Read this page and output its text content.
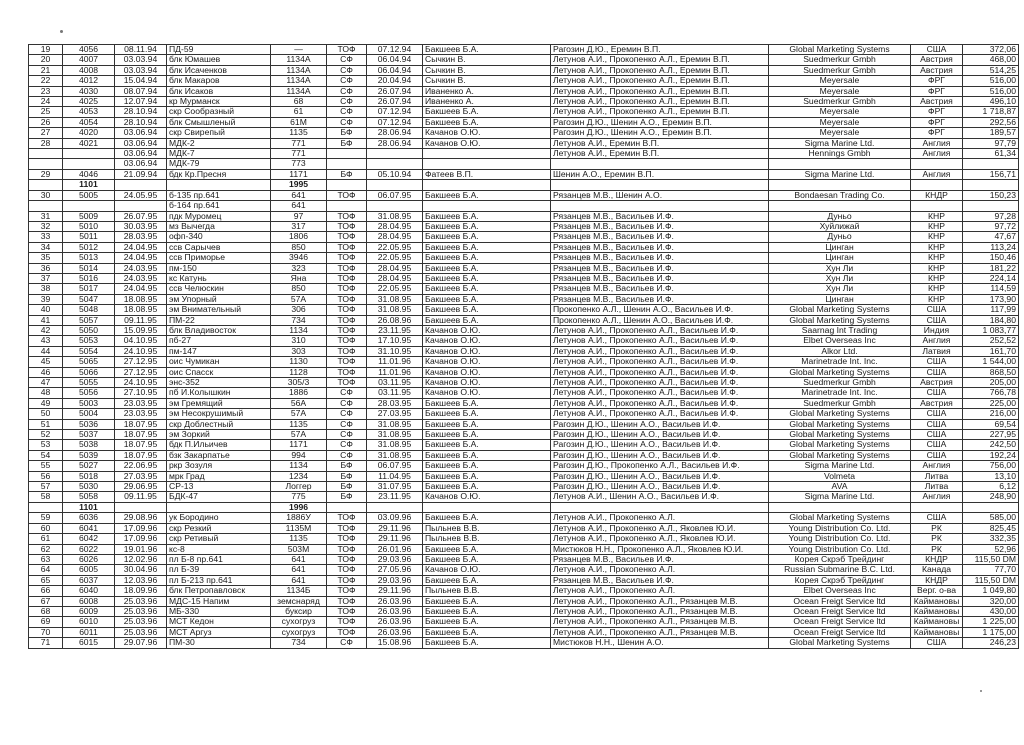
19	4056	08.11.94	ПД-59	—	ТОФ	07.12.94	Бакшеев Б.А.	Рагозин Д.Ю., Еремин В.П.	Global Marketing Systems	США	372,06
20	4007	03.03.94	блк Юмашев	1134А	СФ	06.04.94	Сычкин В.	Летунов А.И., Прокопенко А.Л., Еремин В.П.	Suedmerkur Gmbh	Австрия	468,00
21	4008	03.03.94	блк Исаченков	1134А	СФ	06.04.94	Сычкин В.	Летунов А.И., Прокопенко А.Л., Еремин В.П.	Suedmerkur Gmbh	Австрия	514,25
22	4012	15.04.94	блк Макаров	1134А	СФ	20.04.94	Сычкин В.	Летунов А.И., Прокопенко А.Л., Еремин В.П.	Meyersale	ФРГ	516,00
23	4030	08.07.94	блк Исаков	1134А	СФ	26.07.94	Иваненко А.	Летунов А.И., Прокопенко А.Л., Еремин В.П.	Meyersale	ФРГ	516,00
24	4025	12.07.94	кр Мурманск	68	СФ	26.07.94	Иваненко А.	Летунов А.И., Прокопенко А.Л., Еремин В.П.	Suedmerkur Gmbh	Австрия	496,10
25	4053	28.10.94	скр Сообразный	61	СФ	07.12.94	Бакшеев Б.А.	Летунов А.И., Прокопенко А.Л., Еремин В.П.	Meyersale	ФРГ	1 718,87
26	4054	28.10.94	блк Смышленый	61М	СФ	07.12.94	Бакшеев Б.А.	Рагозин Д.Ю., Шенин А.О., Еремин В.П.	Meyersale	ФРГ	292,56
27	4020	03.06.94	скр Свирепый	1135	БФ	28.06.94	Качанов О.Ю.	Рагозин Д.Ю., Шенин А.О., Еремин В.П.	Meyersale	ФРГ	189,57
28	4021	03.06.94	МДК-2	771	БФ	28.06.94	Качанов О.Ю.	Летунов А.И., Еремин В.П.	Sigma Marine Ltd.	Англия	97,79
		03.06.94	МДК-7	771				Летунов А.И., Еремин В.П.	Hennings Gmbh	Англия	61,34
		03.06.94	МДК-79	773							
29	4046	21.09.94	бдк Кр.Пресня	1171	БФ	05.10.94	Фатеев В.П.	Шенин А.О., Еремин В.П.	Sigma Marine Ltd.	Англия	156,71
	1101			1995							
30	5005	24.05.95	б-135 пр.641	641	ТОФ	06.07.95	Бакшеев Б.А.	Рязанцев М.В., Шенин А.О.	Bondaesan Trading Co.	КНДР	150,23
			б-164 пр.641	641							
31	5009	26.07.95	пдк Муромец	97	ТОФ	31.08.95	Бакшеев Б.А.	Рязанцев М.В., Васильев И.Ф.	Дуньо	КНР	97,28
32	5010	30.03.95	мз Вычегда	317	ТОФ	28.04.95	Бакшеев Б.А.	Рязанцев М.В., Васильев И.Ф.	Хуйлижай	КНР	97,72
33	5011	28.03.95	офп-340	1806	ТОФ	28.04.95	Бакшеев Б.А.	Рязанцев М.В., Васильев И.Ф.	Дуньо	КНР	47,67
34	5012	24.04.95	ссв Сарычев	850	ТОФ	22.05.95	Бакшеев Б.А.	Рязанцев М.В., Васильев И.Ф.	Цинган	КНР	113,24
35	5013	24.04.95	ссв Приморье	3946	ТОФ	22.05.95	Бакшеев Б.А.	Рязанцев М.В., Васильев И.Ф.	Цинган	КНР	150,46
36	5014	24.03.95	пм-150	323	ТОФ	28.04.95	Бакшеев Б.А.	Рязанцев М.В., Васильев И.Ф.	Хун Ли	КНР	181,22
37	5016	24.03.95	кс Катунь	Яна	ТОФ	28.04.95	Бакшеев Б.А.	Рязанцев М.В., Васильев И.Ф.	Хун Ли	КНР	224,14
38	5017	24.04.95	ссв Челюскин	850	ТОФ	22.05.95	Бакшеев Б.А.	Рязанцев М.В., Васильев И.Ф.	Хун Ли	КНР	114,59
39	5047	18.08.95	эм Упорный	57А	ТОФ	31.08.95	Бакшеев Б.А.	Рязанцев М.В., Васильев И.Ф.	Цинган	КНР	173,90
40	5048	18.08.95	эм Внимательный	306	ТОФ	31.08.95	Бакшеев Б.А.	Прокопенко А.Л., Шенин А.О., Васильев И.Ф.	Global Marketing Systems	США	117,99
41	5057	09.11.95	ПМ-22	734	ТОФ	26.08.96	Бакшеев Б.А.	Прокопенко А.Л., Шенин А.О., Васильев И.Ф.	Global Marketing Systems	США	184,80
42	5050	15.09.95	блк Владивосток	1134	ТОФ	23.11.95	Качанов О.Ю.	Летунов А.И., Прокопенко А.Л., Васильев И.Ф.	Saarnag Int Trading	Индия	1 083,77
43	5053	04.10.95	пб-27	310	ТОФ	17.10.95	Качанов О.Ю.	Летунов А.И., Прокопенко А.Л., Васильев И.Ф.	Elbet Overseas Inc	Англия	252,52
44	5054	24.10.95	пм-147	303	ТОФ	31.10.95	Качанов О.Ю.	Летунов А.И., Прокопенко А.Л., Васильев И.Ф.	Alkor Ltd.	Латвия	161,70
45	5065	27.12.95	оис Чумикан	1130	ТОФ	11.01.96	Качанов О.Ю.	Летунов А.И., Прокопенко А.Л., Васильев И.Ф.	Marinetrade Int. Inc.	США	1 544,00
46	5066	27.12.95	оис Спасск	1128	ТОФ	11.01.96	Качанов О.Ю.	Летунов А.И., Прокопенко А.Л., Васильев И.Ф.	Global Marketing Systems	США	868,50
47	5055	24.10.95	энс-352	305/3	ТОФ	03.11.95	Качанов О.Ю.	Летунов А.И., Прокопенко А.Л., Васильев И.Ф.	Suedmerkur Gmbh	Австрия	205,00
48	5056	27.10.95	пб И.Колышкин	1886	СФ	03.11.95	Качанов О.Ю.	Летунов А.И., Прокопенко А.Л., Васильев И.Ф.	Marinetrade Int. Inc.	США	766,78
49	5003	23.03.95	эм Гремящий	56А	СФ	28.03.95	Бакшеев Б.А.	Летунов А.И., Прокопенко А.Л., Васильев И.Ф.	Suedmerkur Gmbh	Австрия	225,00
50	5004	23.03.95	эм Несокрушимый	57А	СФ	27.03.95	Бакшеев Б.А.	Летунов А.И., Прокопенко А.Л., Васильев И.Ф.	Global Marketing Systems	США	216,00
51	5036	18.07.95	скр Доблестный	1135	СФ	31.08.95	Бакшеев Б.А.	Рагозин Д.Ю., Шенин А.О., Васильев И.Ф.	Global Marketing Systems	США	69,54
52	5037	18.07.95	эм Зоркий	57А	СФ	31.08.95	Бакшеев Б.А.	Рагозин Д.Ю., Шенин А.О., Васильев И.Ф.	Global Marketing Systems	США	227,95
53	5038	18.07.95	бдк П.Ильичев	1171	СФ	31.08.95	Бакшеев Б.А.	Рагозин Д.Ю., Шенин А.О., Васильев И.Ф.	Global Marketing Systems	США	242,50
54	5039	18.07.95	бзк Закарпатье	994	СФ	31.08.95	Бакшеев Б.А.	Рагозин Д.Ю., Шенин А.О., Васильев И.Ф.	Global Marketing Systems	США	192,24
55	5027	22.06.95	ркр Зозуля	1134	БФ	06.07.95	Бакшеев Б.А.	Рагозин Д.Ю., Прокопенко А.Л., Васильев И.Ф.	Sigma Marine Ltd.	Англия	756,00
56	5018	27.03.95	мрк Град	1234	БФ	11.04.95	Бакшеев Б.А.	Рагозин Д.Ю., Шенин А.О., Васильев И.Ф.	Volmeta	Литва	13,10
57	5030	29.06.95	СР-13	Логгер	БФ	31.07.95	Бакшеев Б.А.	Рагозин Д.Ю., Шенин А.О., Васильев И.Ф.	AVA	Литва	6,12
58	5058	09.11.95	БДК-47	775	БФ	23.11.95	Качанов О.Ю.	Летунов А.И., Шенин А.О., Васильев И.Ф.	Sigma Marine Ltd.	Англия	248,90
	1101			1996							
59	6036	29.08.96	ук Бородино	1886У	ТОФ	03.09.96	Бакшеев Б.А.	Летунов А.И., Прокопенко А.Л.	Global Marketing Systems	США	585,00
60	6041	17.09.96	скр Резкий	1135М	ТОФ	29.11.96	Пыльнев В.В.	Летунов А.И., Прокопенко А.Л., Яковлев Ю.И.	Young Distribution Co. Ltd.	РК	825,45
61	6042	17.09.96	скр Ретивый	1135	ТОФ	29.11.96	Пыльнев В.В.	Летунов А.И., Прокопенко А.Л., Яковлев Ю.И.	Young Distribution Co. Ltd.	РК	332,35
62	6022	19.01.96	кс-8	503М	ТОФ	26.01.96	Бакшеев Б.А.	Мистюков Н.Н., Прокопенко А.Л., Яковлев Ю.И.	Young Distribution Co. Ltd.	РК	52,96
63	6026	12.02.96	пл Б-8 пр.641	641	ТОФ	29.03.96	Бакшеев Б.А.	Рязанцев М.В., Васильев И.Ф.	Корея Скрэб Трейдинг	КНДР	115,50 DM
64	6005	30.04.96	пл Б-39	641	ТОФ	27.05.96	Качанов О.Ю.	Летунов А.И., Прокопенко А.Л.	Russian Submarine B.C. Ltd.	Канада	77,70
65	6037	12.03.96	пл Б-213 пр.641	641	ТОФ	29.03.96	Бакшеев Б.А.	Рязанцев М.В., Васильев И.Ф.	Корея Скрэб Трейдинг	КНДР	115,50 DM
66	6040	18.09.96	блк Петропавловск	1134Б	ТОФ	29.11.96	Пыльнев В.В.	Летунов А.И., Прокопенко А.Л.	Elbet Overseas Inc	Верг. о-ва	1 049,80
67	6008	25.03.96	МДС-15 Напим	земснаряд	ТОФ	26.03.96	Бакшеев Б.А.	Летунов А.И., Прокопенко А.Л., Рязанцев М.В.	Ocean Freigt Service ltd	Каймановы	320,00
68	6009	25.03.96	МБ-330	буксир	ТОФ	26.03.96	Бакшеев Б.А.	Летунов А.И., Прокопенко А.Л., Рязанцев М.В.	Ocean Freigt Service ltd	Каймановы	430,00
69	6010	25.03.96	МСТ Кедон	сухогруз	ТОФ	26.03.96	Бакшеев Б.А.	Летунов А.И., Прокопенко А.Л., Рязанцев М.В.	Ocean Freigt Service ltd	Каймановы	1 225,00
70	6011	25.03.96	МСТ Аргуз	сухогруз	ТОФ	26.03.96	Бакшеев Б.А.	Летунов А.И., Прокопенко А.Л., Рязанцев М.В.	Ocean Freigt Service ltd	Каймановы	1 175,00
71	6015	29.07.96	ПМ-30	734	СФ	15.08.96	Бакшеев Б.А.	Мистюков Н.Н., Шенин А.О.	Global Marketing Systems	США	246,23
